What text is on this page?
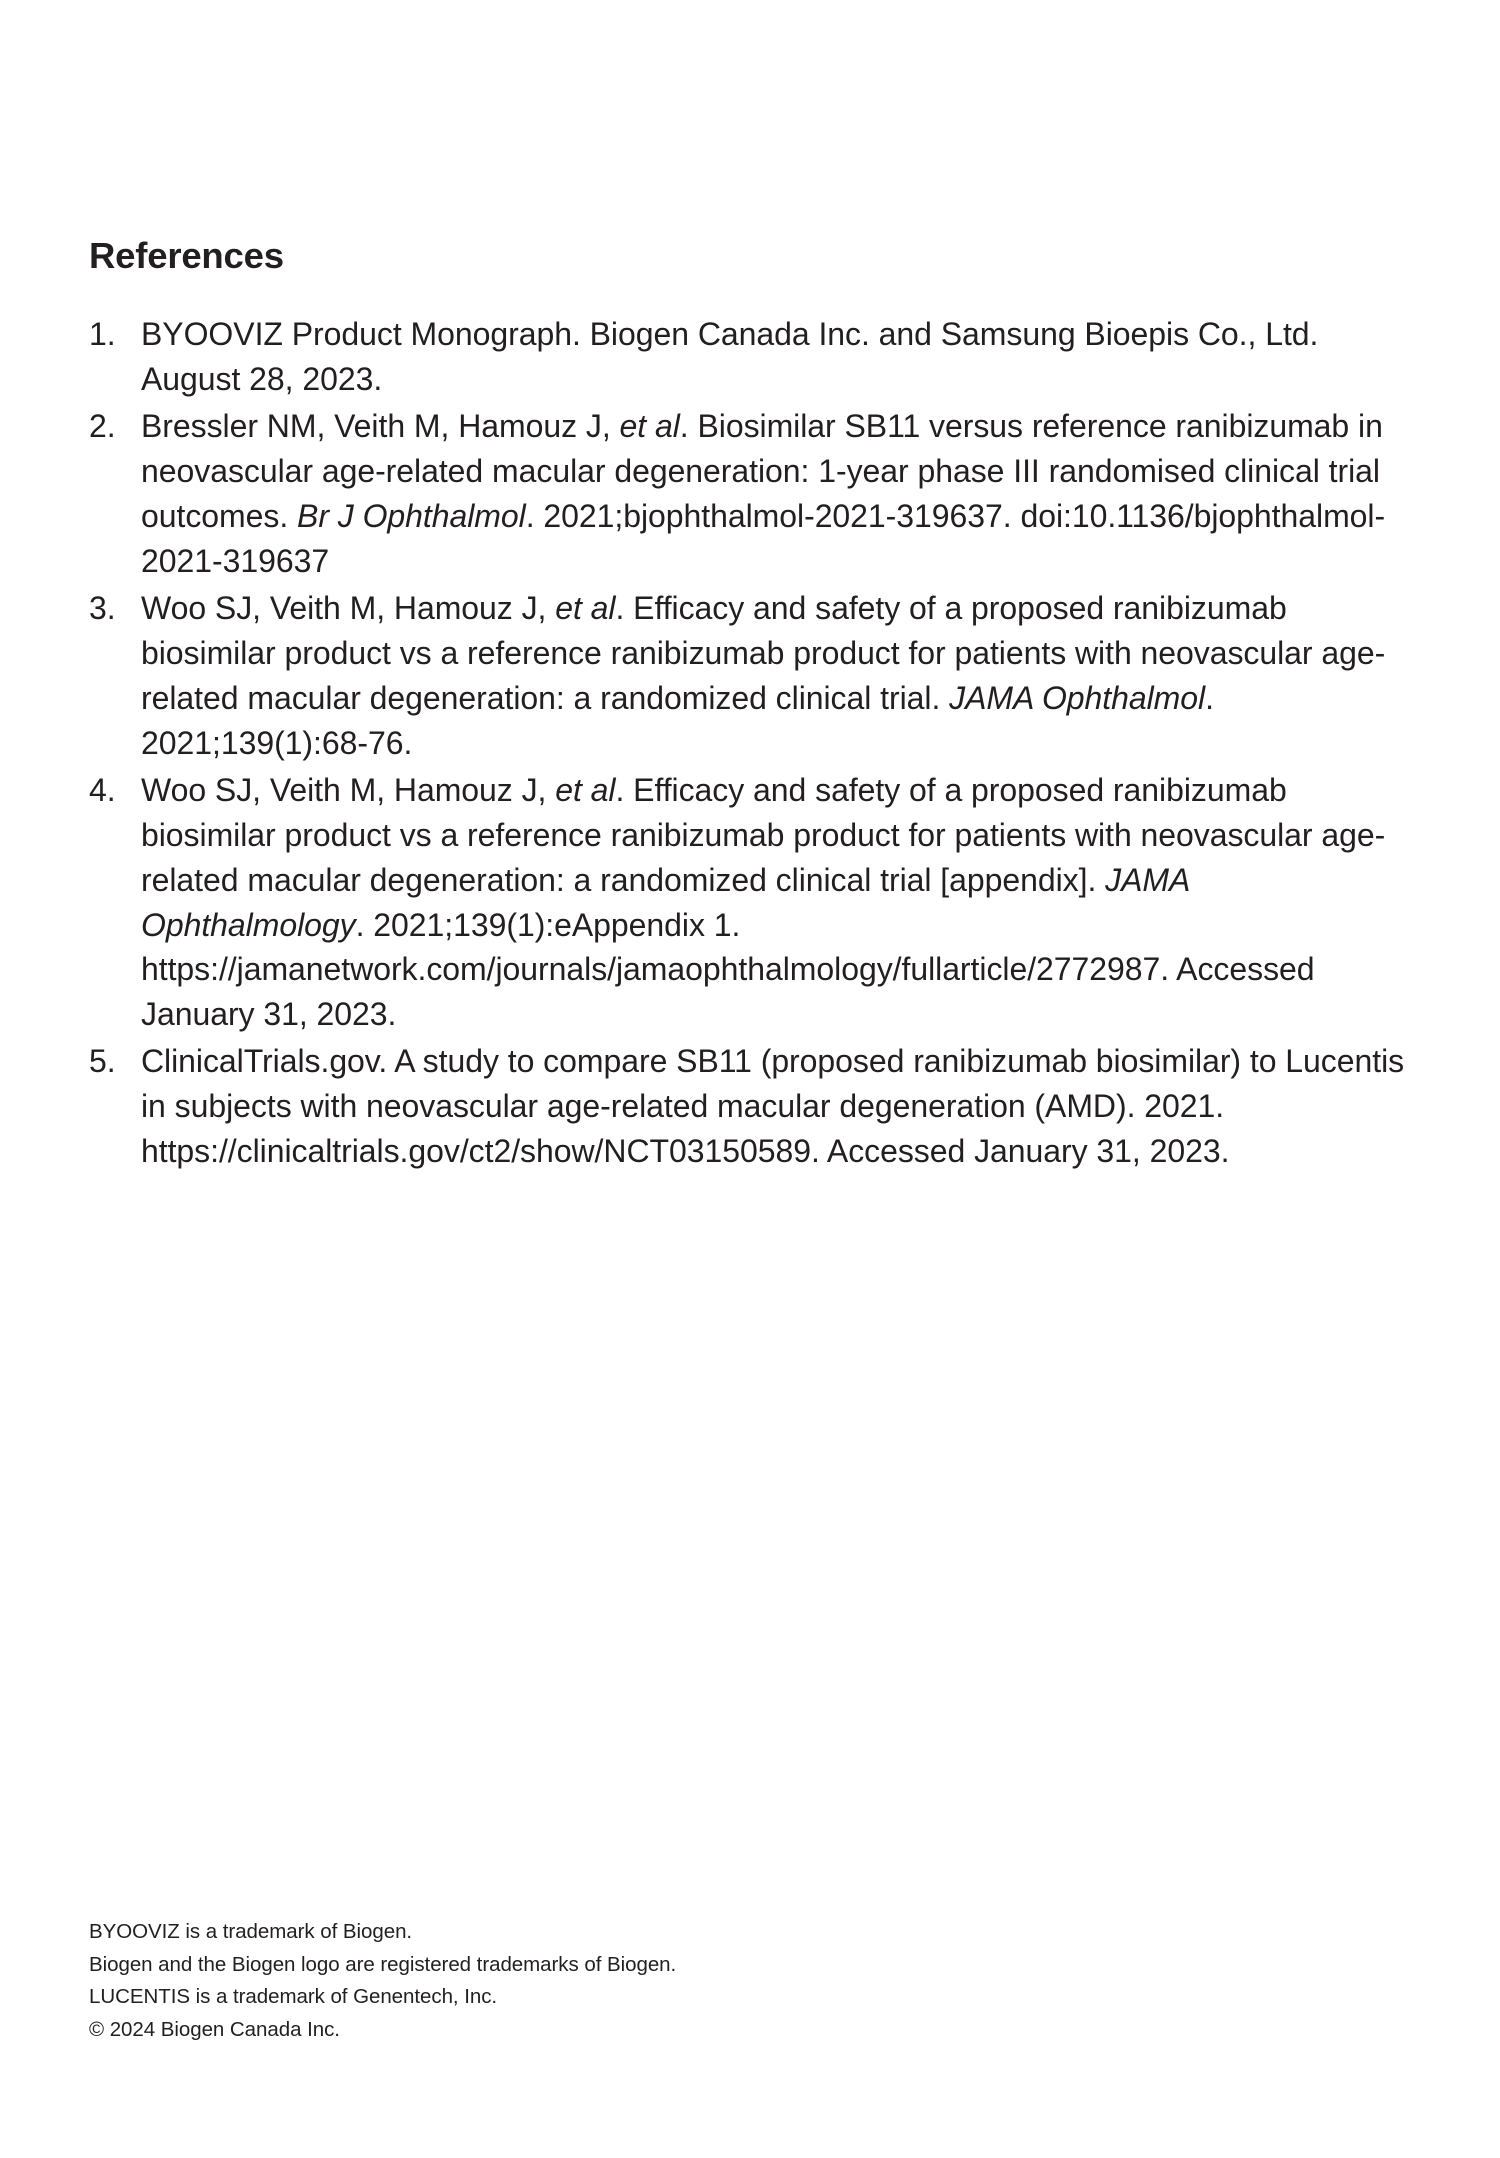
References
1. BYOOVIZ Product Monograph. Biogen Canada Inc. and Samsung Bioepis Co., Ltd. August 28, 2023.
2. Bressler NM, Veith M, Hamouz J, et al. Biosimilar SB11 versus reference ranibizumab in neovascular age-related macular degeneration: 1-year phase III randomised clinical trial outcomes. Br J Ophthalmol. 2021;bjophthalmol-2021-319637. doi:10.1136/bjophthalmol-2021-319637
3. Woo SJ, Veith M, Hamouz J, et al. Efficacy and safety of a proposed ranibizumab biosimilar product vs a reference ranibizumab product for patients with neovascular age-related macular degeneration: a randomized clinical trial. JAMA Ophthalmol. 2021;139(1):68-76.
4. Woo SJ, Veith M, Hamouz J, et al. Efficacy and safety of a proposed ranibizumab biosimilar product vs a reference ranibizumab product for patients with neovascular age-related macular degeneration: a randomized clinical trial [appendix]. JAMA Ophthalmology. 2021;139(1):eAppendix 1. https://jamanetwork.com/journals/jamaophthalmology/fullarticle/2772987. Accessed January 31, 2023.
5. ClinicalTrials.gov. A study to compare SB11 (proposed ranibizumab biosimilar) to Lucentis in subjects with neovascular age-related macular degeneration (AMD). 2021. https://clinicaltrials.gov/ct2/show/NCT03150589. Accessed January 31, 2023.

BYOOVIZ is a trademark of Biogen.

Biogen and the Biogen logo are registered trademarks of Biogen.

LUCENTIS is a trademark of Genentech, Inc.

© 2024 Biogen Canada Inc.
